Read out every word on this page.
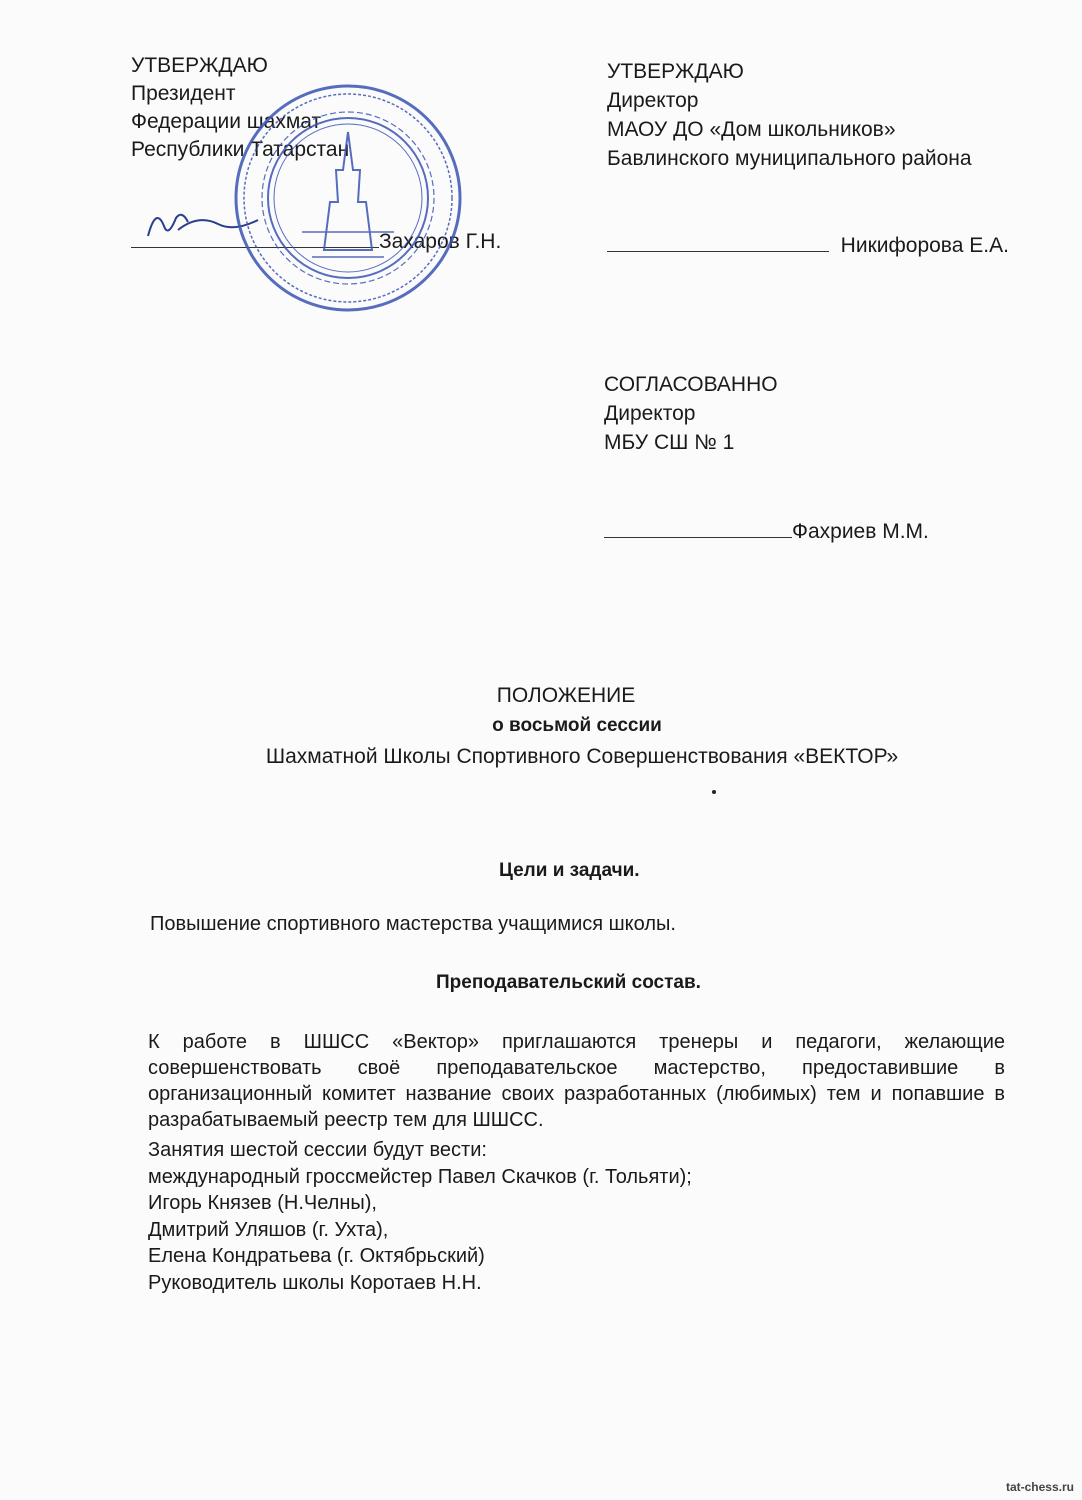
УТВЕРЖДАЮ
Президент
Федерации шахмат
Республики Татарстан
Захаров Г.Н.
УТВЕРЖДАЮ
Директор
МАОУ ДО «Дом школьников»
Бавлинского муниципального района
Никифорова Е.А.
СОГЛАСОВАННО
Директор
МБУ СШ № 1
Фахриев М.М.
ПОЛОЖЕНИЕ
о восьмой сессии
Шахматной Школы Спортивного Совершенствования «ВЕКТОР»
Цели и задачи.
Повышение спортивного мастерства учащимися школы.
Преподавательский состав.
К работе в ШШСС «Вектор» приглашаются тренеры и педагоги, желающие
совершенствовать своё преподавательское мастерство, предоставившие в
организационный комитет название своих разработанных (любимых) тем и попавшие в
разрабатываемый реестр тем для ШШСС.
Занятия шестой сессии будут вести:
международный гроссмейстер Павел Скачков (г. Тольяти);
Игорь Князев (Н.Челны),
Дмитрий Уляшов (г. Ухта),
Елена Кондратьева (г. Октябрьский)
Руководитель школы Коротаев Н.Н.
tat-chess.ru
